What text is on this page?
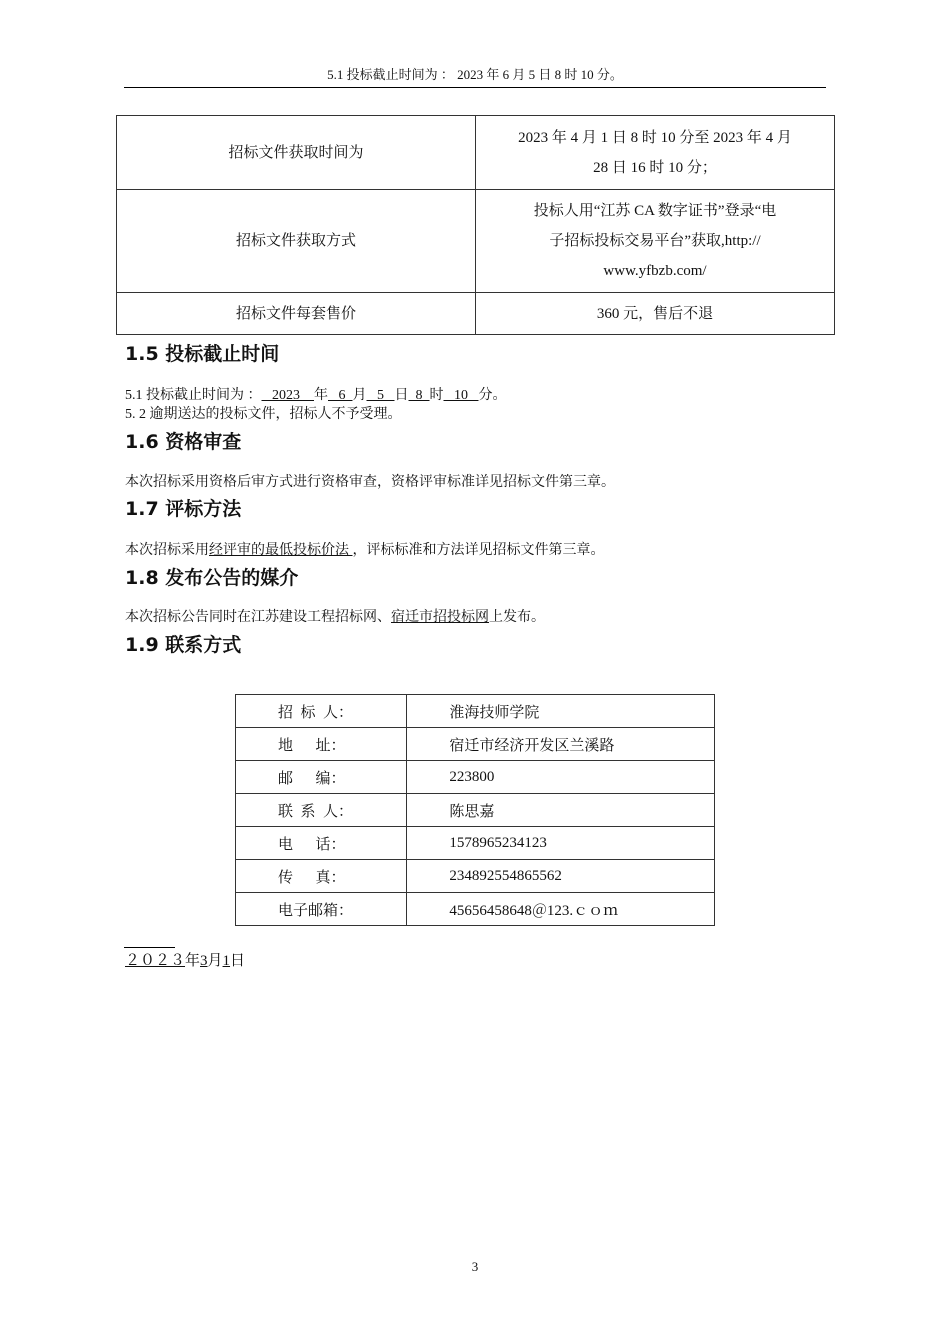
5.1 投标截止时间为 ： 2023 年 6 月 5 日 8 时 10 分。
招标文件获取时间为	2023 年 4 月 1 日 8 时 10 分至 2023 年 4 月
28 日 16 时 10 分；

招标文件获取方式	投标人用“江苏 CA 数字证书”登录“电
子招标投标交易平台”获取,http://
www.yfbzb.com/

招标文件每套售价	360 元，售后不退
1.5 投标截止时间
5.1 投标截止时间为 ：   2023    年   6  月   5   日  8  时   10   分。
5. 2 逾期送达的投标文件，招标人不予受理。
1.6 资格审查
本次招标采用资格后审方式进行资格审查，资格评审标准详见招标文件第三章。
1.7 评标方法
本次招标采用经评审的最低投标价法 ，评标标准和方法详见招标文件第三章。
1.8 发布公告的媒介
本次招标公告同时在江苏建设工程招标网、宿迁市招投标网上发布。
1.9 联系方式
招  标  人：	淮海技师学院
地      址：	宿迁市经济开发区兰溪路
邮      编：	223800
联  系  人：	陈思嘉
电      话：	1578965234123
传      真：	234892554865562
电子邮箱：	45656458648＠123.ｃｏｍ
２０２３年3月1日
3
